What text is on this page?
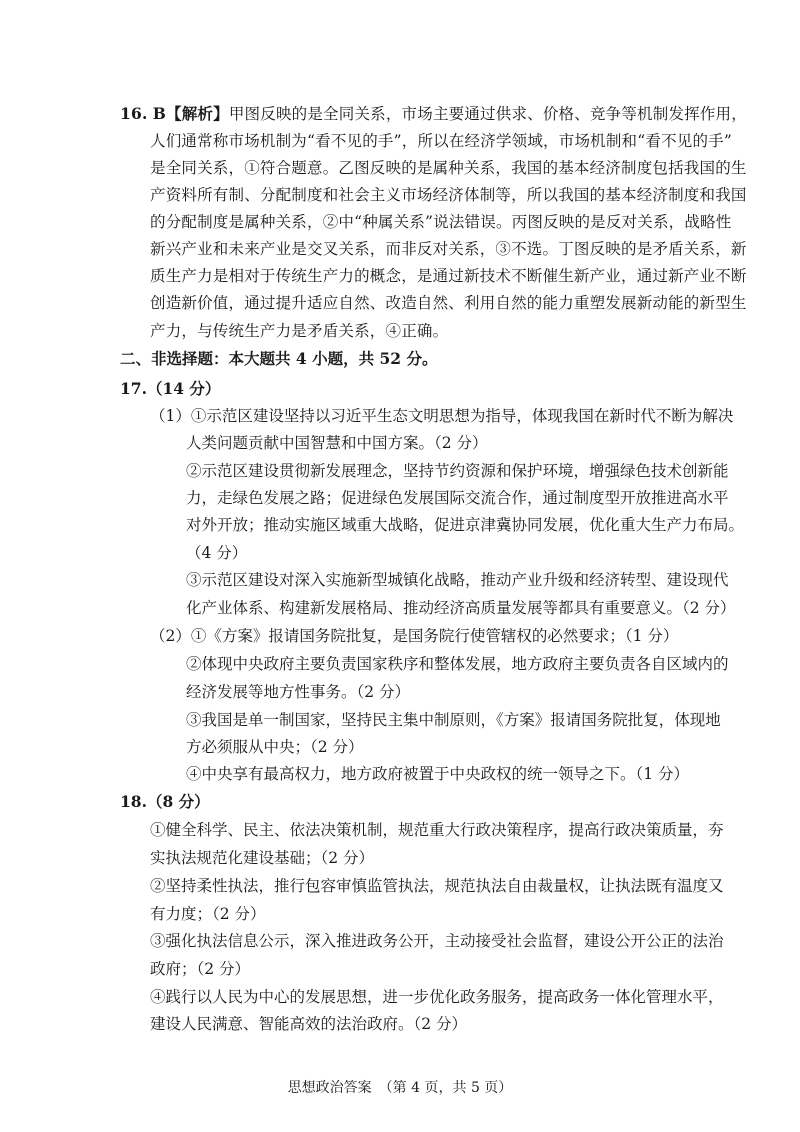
16. B【解析】甲图反映的是全同关系，市场主要通过供求、价格、竞争等机制发挥作用，
人们通常称市场机制为“看不见的手”，所以在经济学领域，市场机制和“看不见的手”
是全同关系，①符合题意。乙图反映的是属种关系，我国的基本经济制度包括我国的生
产资料所有制、分配制度和社会主义市场经济体制等，所以我国的基本经济制度和我国
的分配制度是属种关系，②中“种属关系”说法错误。丙图反映的是反对关系，战略性
新兴产业和未来产业是交叉关系，而非反对关系，③不选。丁图反映的是矛盾关系，新
质生产力是相对于传统生产力的概念，是通过新技术不断催生新产业，通过新产业不断
创造新价值，通过提升适应自然、改造自然、利用自然的能力重塑发展新动能的新型生
产力，与传统生产力是矛盾关系，④正确。
二、非选择题：本大题共 4 小题，共 52 分。
17.（14 分）
（1）①示范区建设坚持以习近平生态文明思想为指导，体现我国在新时代不断为解决
人类问题贡献中国智慧和中国方案。（2 分）
②示范区建设贯彻新发展理念，坚持节约资源和保护环境，增强绿色技术创新能
力，走绿色发展之路；促进绿色发展国际交流合作，通过制度型开放推进高水平
对外开放；推动实施区域重大战略，促进京津冀协同发展，优化重大生产力布局。
（4 分）
③示范区建设对深入实施新型城镇化战略，推动产业升级和经济转型、建设现代
化产业体系、构建新发展格局、推动经济高质量发展等都具有重要意义。（2 分）
（2）①《方案》报请国务院批复，是国务院行使管辖权的必然要求；（1 分）
②体现中央政府主要负责国家秩序和整体发展，地方政府主要负责各自区域内的
经济发展等地方性事务。（2 分）
③我国是单一制国家，坚持民主集中制原则，《方案》报请国务院批复，体现地
方必须服从中央；（2 分）
④中央享有最高权力，地方政府被置于中央政权的统一领导之下。（1 分）
18.（8 分）
①健全科学、民主、依法决策机制，规范重大行政决策程序，提高行政决策质量，夯
实执法规范化建设基础；（2 分）
②坚持柔性执法，推行包容审慎监管执法，规范执法自由裁量权，让执法既有温度又
有力度；（2 分）
③强化执法信息公示，深入推进政务公开，主动接受社会监督，建设公开公正的法治
政府；（2 分）
④践行以人民为中心的发展思想，进一步优化政务服务，提高政务一体化管理水平，
建设人民满意、智能高效的法治政府。（2 分）
思想政治答案　（第 4 页，共 5 页）
